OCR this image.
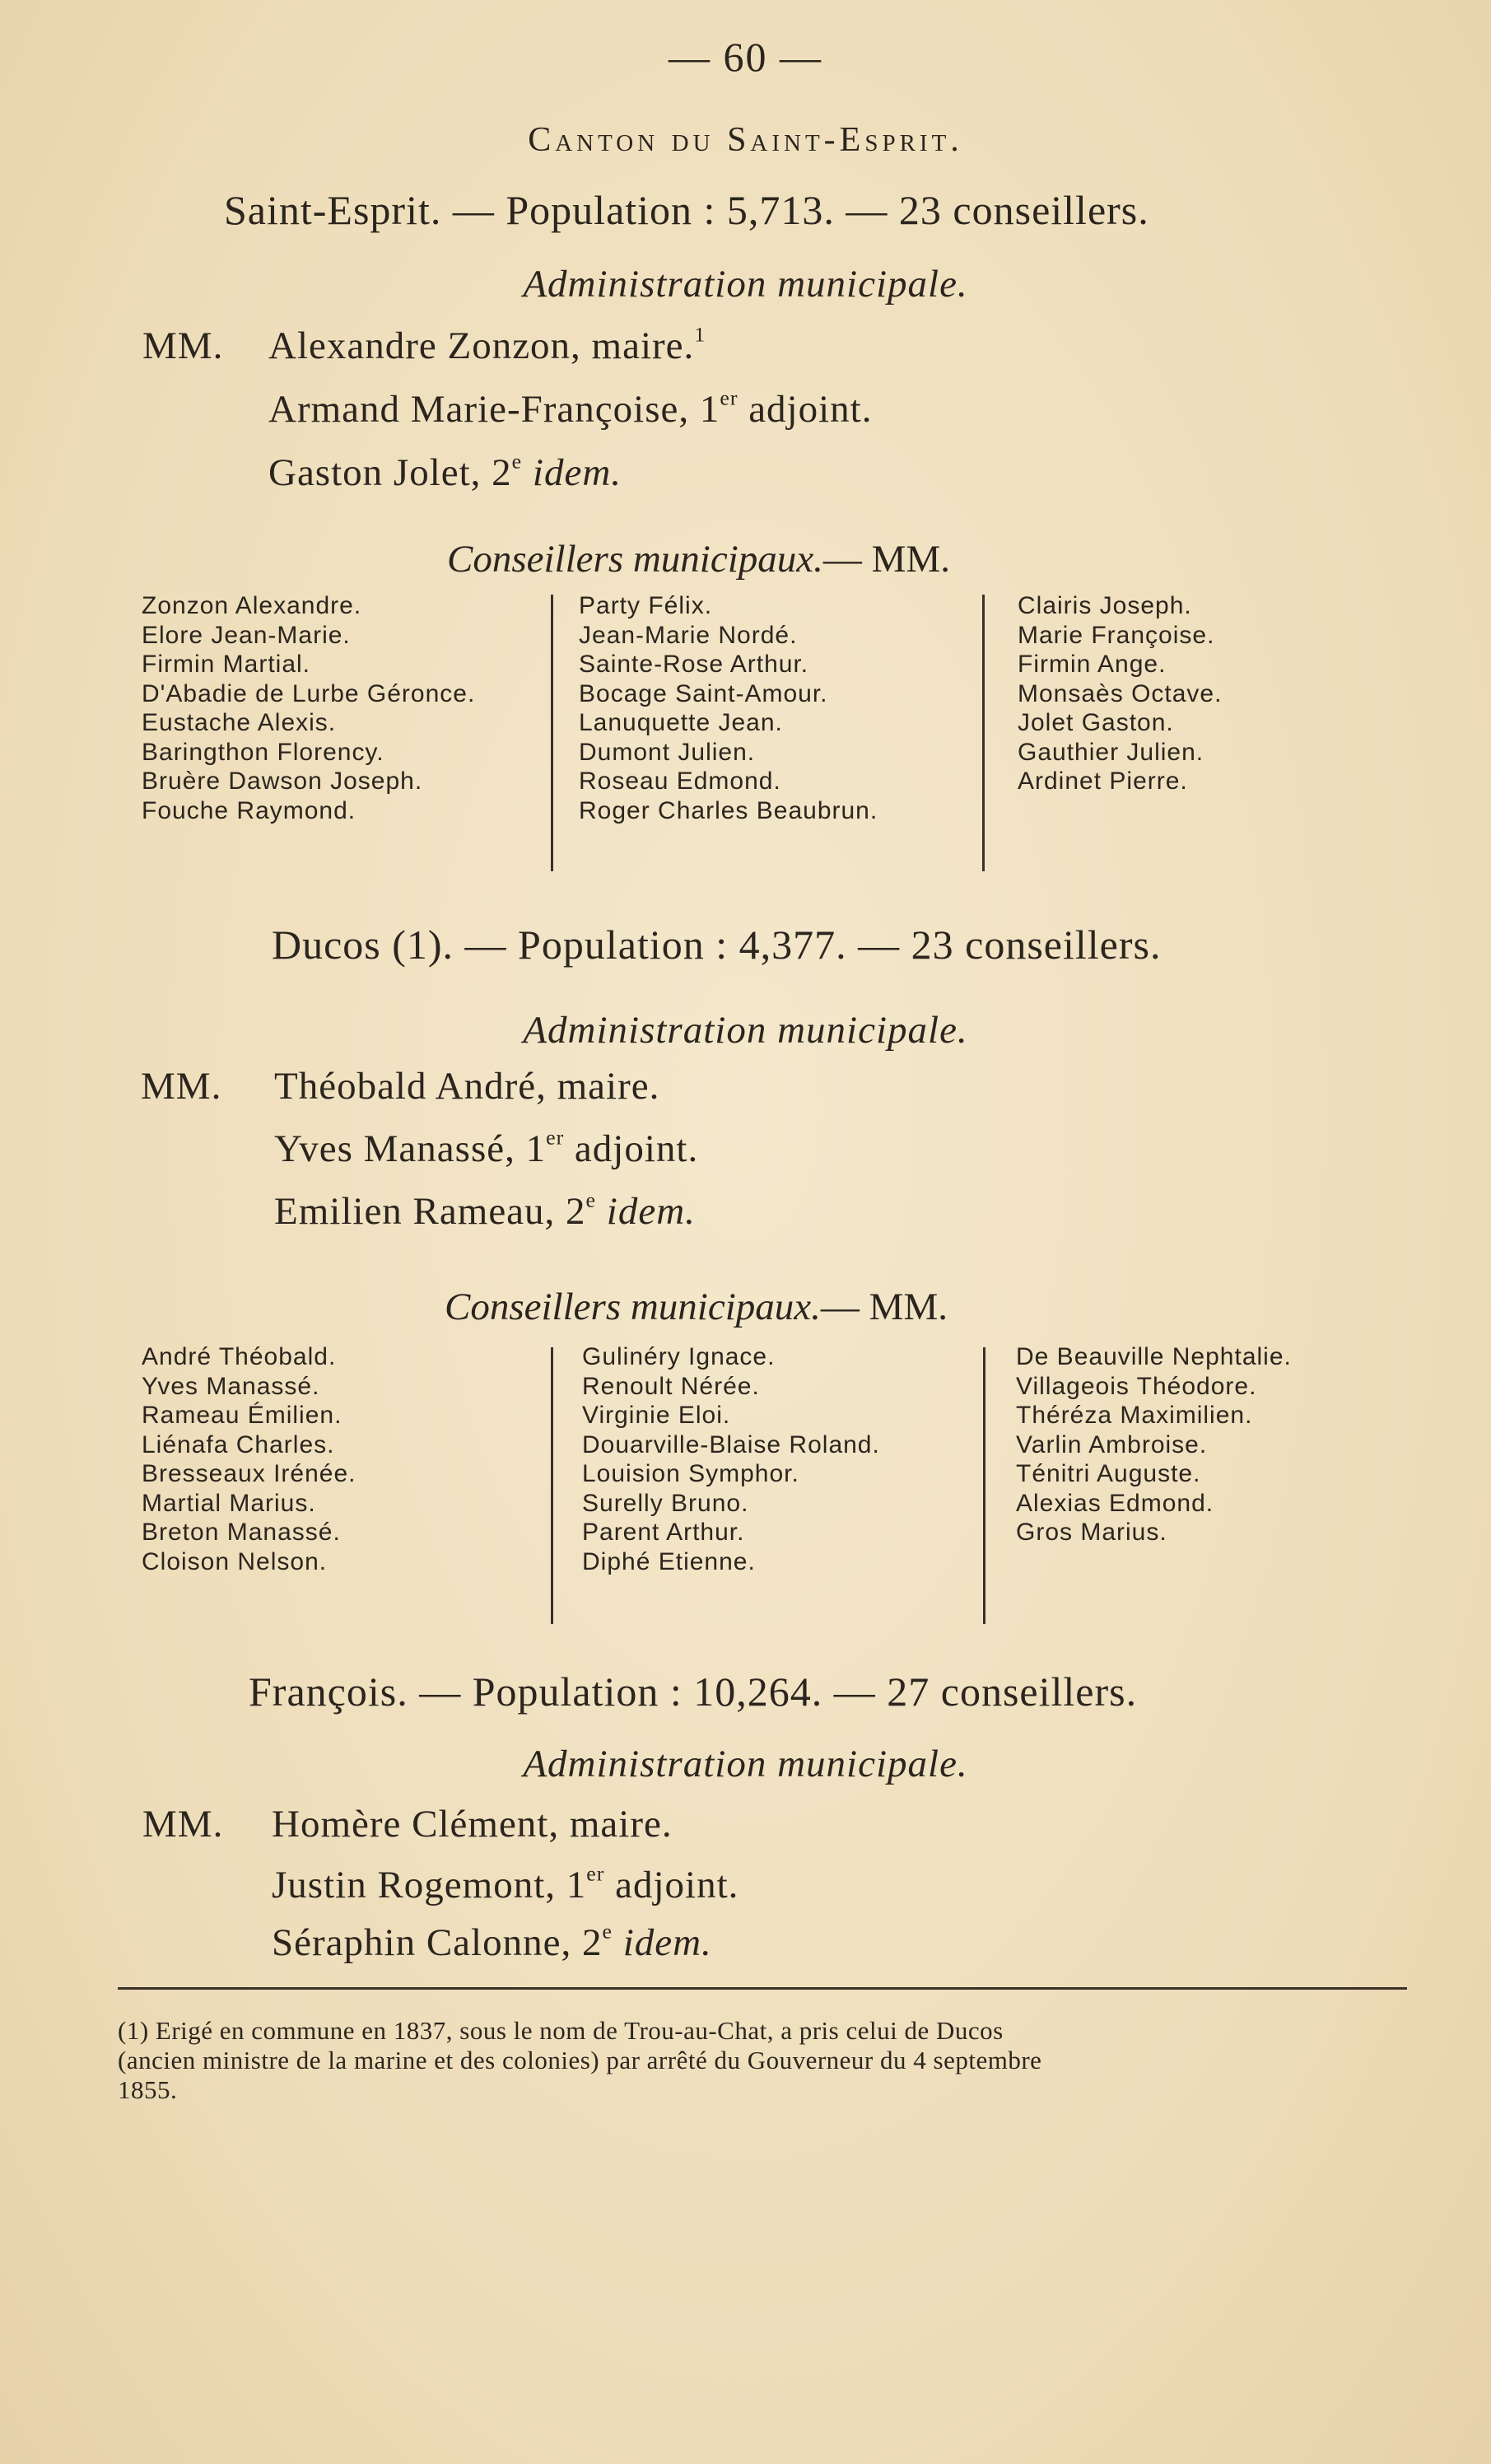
— 60 —
Canton du Saint-Esprit.
Saint-Esprit. — Population : 5,713. — 23 conseillers.
Administration municipale.
MM. Alexandre Zonzon, maire.$^1$
Armand Marie-Françoise, 1er adjoint.
Gaston Jolet, 2e idem.
Conseillers municipaux.— MM.
Zonzon Alexandre.
Elore Jean-Marie.
Firmin Martial.
D'Abadie de Lurbe Géronce.
Eustache Alexis.
Baringthon Florency.
Bruère Dawson Joseph.
Fouche Raymond.
Party Félix.
Jean-Marie Nordé.
Sainte-Rose Arthur.
Bocage Saint-Amour.
Lanuquette Jean.
Dumont Julien.
Roseau Edmond.
Roger Charles Beaubrun.
Clairis Joseph.
Marie Françoise.
Firmin Ange.
Monsaès Octave.
Jolet Gaston.
Gauthier Julien.
Ardinet Pierre.
Ducos (1). — Population : 4,377. — 23 conseillers.
Administration municipale.
MM. Théobald André, maire.
Yves Manassé, 1er adjoint.
Emilien Rameau, 2e idem.
Conseillers municipaux.— MM.
André Théobald.
Yves Manassé.
Rameau Émilien.
Liénafa Charles.
Bresseaux Irénée.
Martial Marius.
Breton Manassé.
Cloison Nelson.
Gulinéry Ignace.
Renoult Nérée.
Virginie Eloi.
Douarville-Blaise Roland.
Louision Symphor.
Surelly Bruno.
Parent Arthur.
Diphé Etienne.
De Beauville Nephtalie.
Villageois Théodore.
Théréza Maximilien.
Varlin Ambroise.
Ténitri Auguste.
Alexias Edmond.
Gros Marius.
François. — Population : 10,264. — 27 conseillers.
Administration municipale.
MM. Homère Clément, maire.
Justin Rogemont, 1er adjoint.
Séraphin Calonne, 2e idem.
(1) Erigé en commune en 1837, sous le nom de Trou-au-Chat, a pris celui de Ducos
(ancien ministre de la marine et des colonies) par arrêté du Gouverneur du 4 septembre
1855.
